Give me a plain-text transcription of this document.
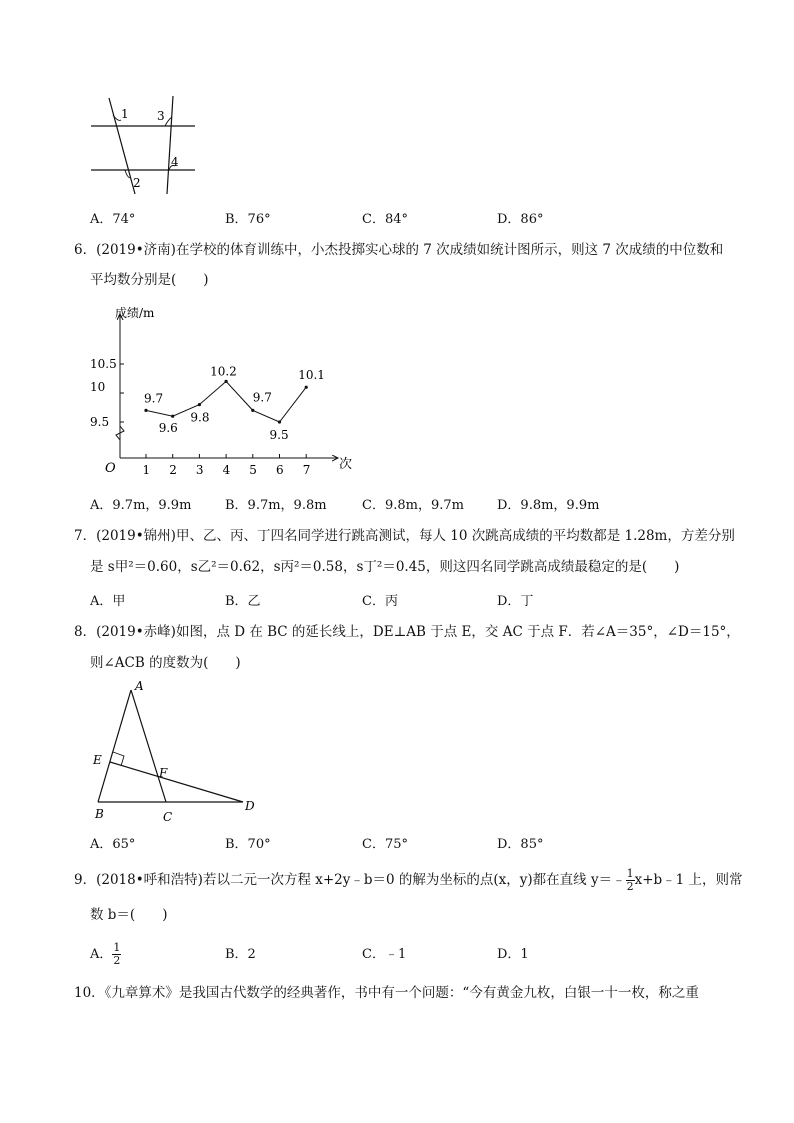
1 3
4
2
A．74°	B．76°	C．84°	D．86°
6．(2019•济南)在学校的体育训练中，小杰投掷实心球的 7 次成绩如统计图所示，则这 7 次成绩的中位数和
平均数分别是(　　)
成绩/m
次
O 1 2 3 4 5 6 7
9.5
10
10.5
9.7
9.6
9.8
10.2
9.7
9.5
10.1
A．9.7m，9.9m	B．9.7m，9.8m	C．9.8m，9.7m	D．9.8m，9.9m
7．(2019•锦州)甲、乙、丙、丁四名同学进行跳高测试，每人 10 次跳高成绩的平均数都是 1.28m，方差分别
是 s甲²＝0.60，s乙²＝0.62，s丙²＝0.58，s丁²＝0.45，则这四名同学跳高成绩最稳定的是(　　)
A．甲	B．乙	C．丙	D．丁
8．(2019•赤峰)如图，点 D 在 BC 的延长线上，DE⊥AB 于点 E，交 AC 于点 F．若∠A＝35°，∠D＝15°，
则∠ACB 的度数为(　　)
A
E
F
B	C
D
A．65°	B．70°	C．75°	D．85°
9．(2018•呼和浩特)若以二元一次方程 x+2y﹣b＝0 的解为坐标的点(x，y)都在直线 y＝﹣ $\frac{1}{2}$ x+b﹣1 上，则常
数 b＝(　　)
A． $\frac{1}{2}$	B．2	C．﹣1	D．1
10．《九章算术》是我国古代数学的经典著作，书中有一个问题：“今有黄金九枚，白银一十一枚，称之重
